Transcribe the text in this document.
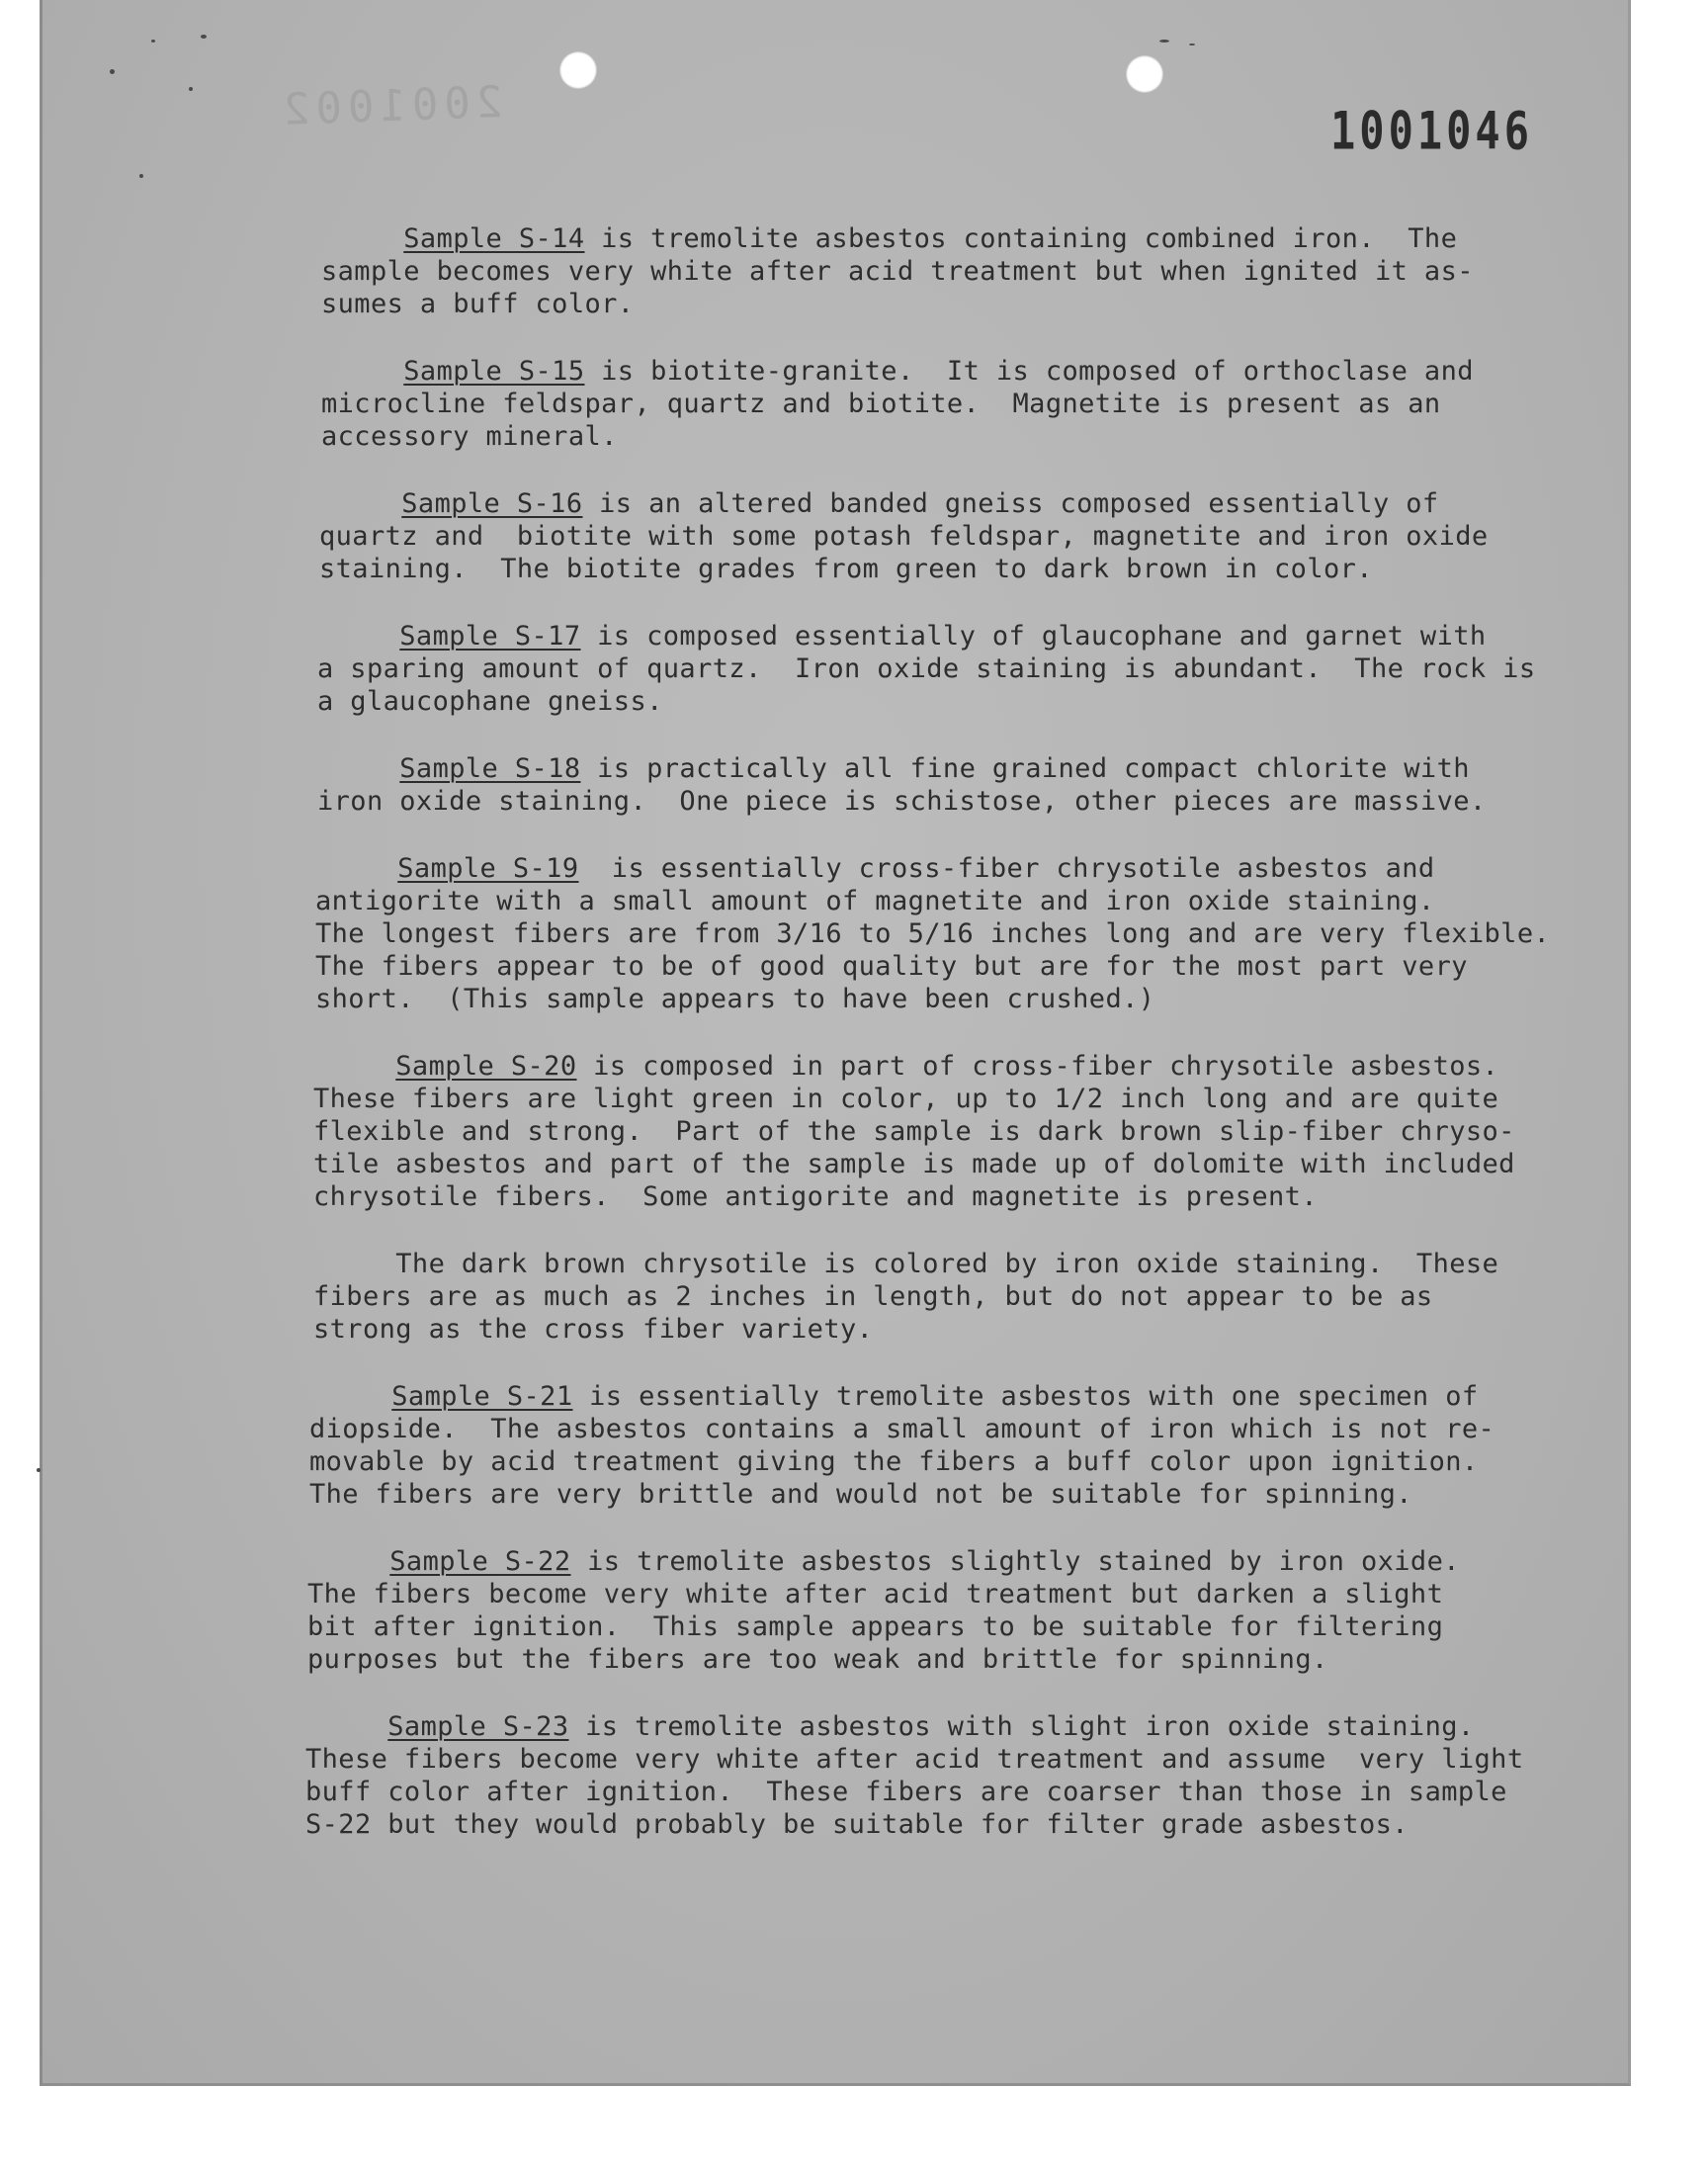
2001002	1001046
Sample S-14 is tremolite asbestos containing combined iron.  The
sample becomes very white after acid treatment but when ignited it as-
sumes a buff color.
Sample S-15 is biotite-granite.  It is composed of orthoclase and
microcline feldspar, quartz and biotite.  Magnetite is present as an
accessory mineral.
Sample S-16 is an altered banded gneiss composed essentially of
quartz and  biotite with some potash feldspar, magnetite and iron oxide
staining.  The biotite grades from green to dark brown in color.
Sample S-17 is composed essentially of glaucophane and garnet with
a sparing amount of quartz.  Iron oxide staining is abundant.  The rock is
a glaucophane gneiss.
Sample S-18 is practically all fine grained compact chlorite with
iron oxide staining.  One piece is schistose, other pieces are massive.
Sample S-19  is essentially cross-fiber chrysotile asbestos and
antigorite with a small amount of magnetite and iron oxide staining.
The longest fibers are from 3/16 to 5/16 inches long and are very flexible.
The fibers appear to be of good quality but are for the most part very
short.  (This sample appears to have been crushed.)
Sample S-20 is composed in part of cross-fiber chrysotile asbestos.
These fibers are light green in color, up to 1/2 inch long and are quite
flexible and strong.  Part of the sample is dark brown slip-fiber chryso-
tile asbestos and part of the sample is made up of dolomite with included
chrysotile fibers.  Some antigorite and magnetite is present.
The dark brown chrysotile is colored by iron oxide staining.  These
fibers are as much as 2 inches in length, but do not appear to be as
strong as the cross fiber variety.
Sample S-21 is essentially tremolite asbestos with one specimen of
diopside.  The asbestos contains a small amount of iron which is not re-
movable by acid treatment giving the fibers a buff color upon ignition.
The fibers are very brittle and would not be suitable for spinning.
Sample S-22 is tremolite asbestos slightly stained by iron oxide.
The fibers become very white after acid treatment but darken a slight
bit after ignition.  This sample appears to be suitable for filtering
purposes but the fibers are too weak and brittle for spinning.
Sample S-23 is tremolite asbestos with slight iron oxide staining.
These fibers become very white after acid treatment and assume  very light
buff color after ignition.  These fibers are coarser than those in sample
S-22 but they would probably be suitable for filter grade asbestos.
